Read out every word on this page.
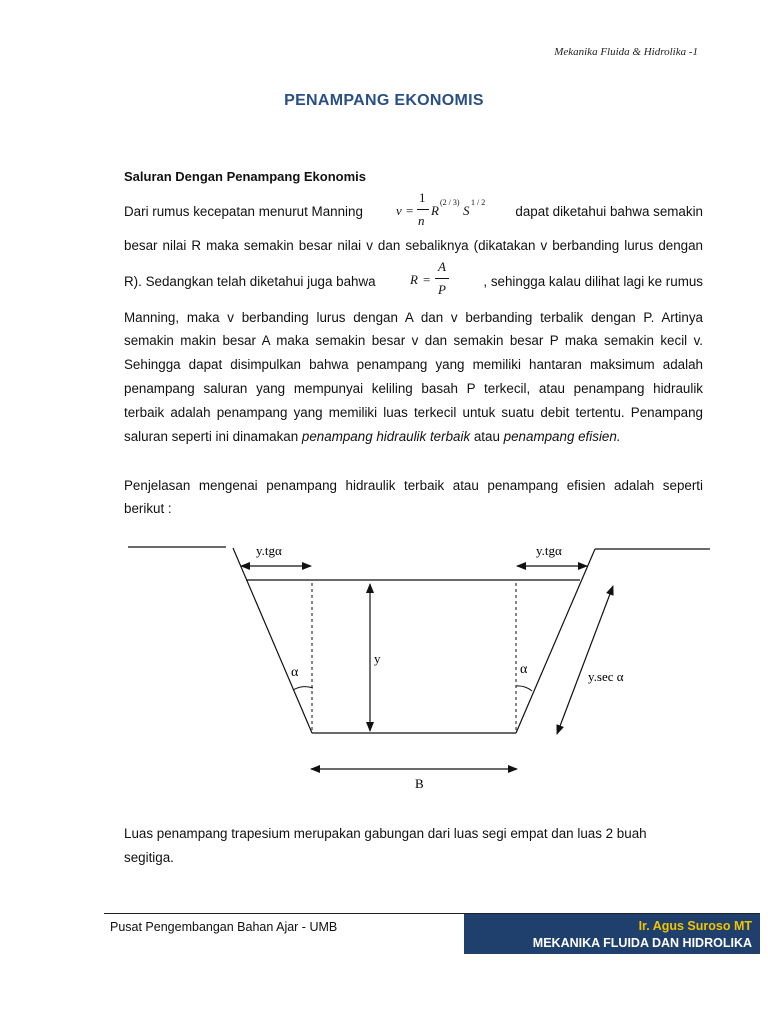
Mekanika Fluida & Hidrolika -1
PENAMPANG EKONOMIS
Saluran Dengan Penampang Ekonomis
Dari rumus kecepatan menurut Manning	v =
1
n
R
(2 / 3)
S
1 / 2
dapat diketahui bahwa semakin
besar nilai R maka semakin besar nilai v dan sebaliknya (dikatakan v berbanding lurus dengan
R). Sedangkan telah diketahui juga bahwa	R =
A
P
, sehingga kalau dilihat lagi ke rumus
Manning, maka v berbanding lurus dengan A dan v berbanding terbalik dengan P. Artinya
semakin makin besar A maka semakin besar v dan semakin besar P maka semakin kecil v.
Sehingga dapat disimpulkan bahwa penampang yang memiliki hantaran maksimum adalah
penampang saluran yang mempunyai keliling basah P terkecil, atau penampang hidraulik
terbaik adalah penampang yang memiliki luas terkecil untuk suatu debit tertentu. Penampang
saluran seperti ini dinamakan penampang hidraulik terbaik atau penampang efisien.
Penjelasan mengenai penampang hidraulik terbaik atau penampang efisien adalah seperti
berikut :
y.tgα	y.tgα
y
α	α	y.sec α
B
Luas penampang trapesium merupakan gabungan dari luas segi empat dan luas 2 buah
segitiga.
Pusat Pengembangan Bahan Ajar - UMB	Ir. Agus Suroso MT
MEKANIKA FLUIDA DAN HIDROLIKA
